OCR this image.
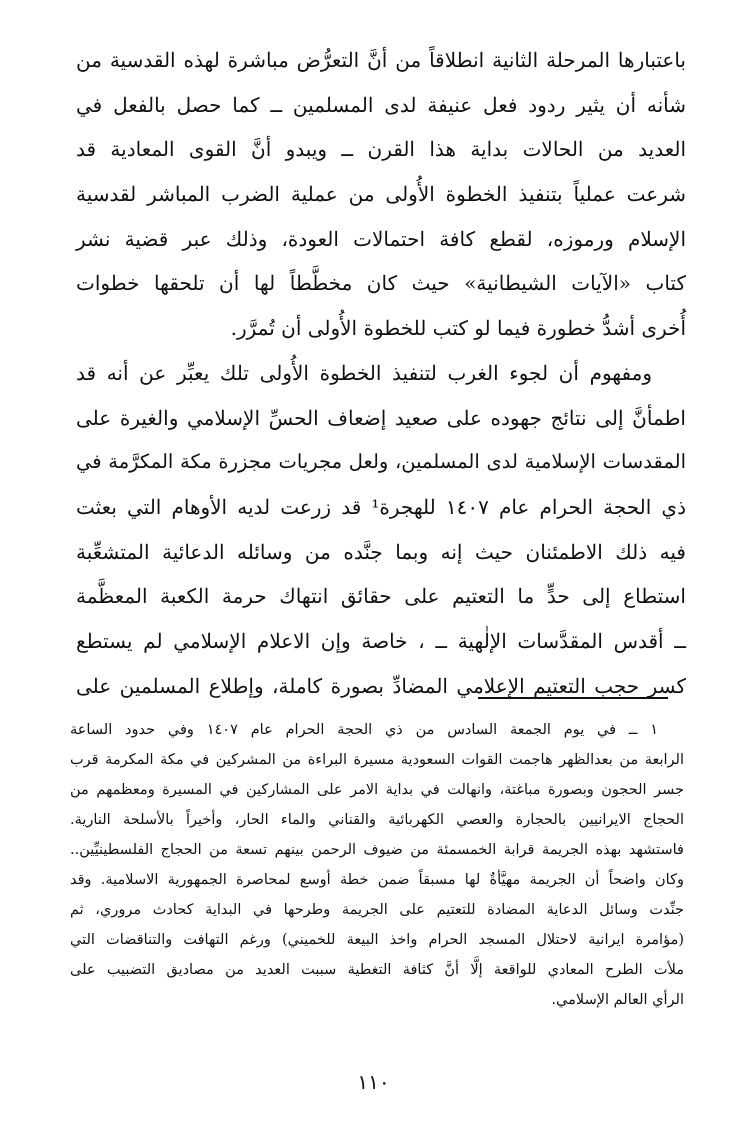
باعتبارها المرحلة الثانية انطلاقاً من أنَّ التعرُّض مباشرة لهذه القدسية من
شأنه أن يثير ردود فعل عنيفة لدى المسلمين ــ كما حصل بالفعل في
العديد من الحالات بداية هذا القرن ــ ويبدو أنَّ القوى المعادية قد
شرعت عملياً بتنفيذ الخطوة الأُولى من عملية الضرب المباشر لقدسية
الإسلام ورموزه، لقطع كافة احتمالات العودة، وذلك عبر قضية نشر
كتاب «الآيات الشيطانية» حيث كان مخطَّطاً لها أن تلحقها خطوات
أُخرى أشدُّ خطورة فيما لو كتب للخطوة الأُولى أن تُمرَّر.
ومفهوم أن لجوء الغرب لتنفيذ الخطوة الأُولى تلك يعبِّر عن أنه قد
اطمأنَّ إلى نتائج جهوده على صعيد إضعاف الحسِّ الإسلامي والغيرة على
المقدسات الإسلامية لدى المسلمين، ولعل مجريات مجزرة مكة المكرَّمة في
ذي الحجة الحرام عام ١٤٠٧ للهجرة¹ قد زرعت لديه الأوهام التي بعثت
فيه ذلك الاطمئنان حيث إنه وبما جنَّده من وسائله الدعائية المتشعِّبة
استطاع إلى حدٍّ ما التعتيم على حقائق انتهاك حرمة الكعبة المعظَّمة
ــ أقدس المقدَّسات الإلٰهية ــ ، خاصة وإن الاعلام الإسلامي لم يستطع
كسر حجب التعتيم الإعلامي المضادِّ بصورة كاملة، وإطلاع المسلمين على
١ ــ في يوم الجمعة السادس من ذي الحجة الحرام عام ١٤٠٧ وفي حدود الساعة
الرابعة من بعدالظهر هاجمت القوات السعودية مسيرة البراءة من المشركين في مكة المكرمة قرب
جسر الحجون وبصورة مباغتة، وانهالت في بداية الامر على المشاركين في المسيرة ومعظمهم من
الحجاج الايرانيين بالحجارة والعصي الكهربائية والقناني والماء الحار، وأخيراً بالأسلحة النارية.
فاستشهد بهذه الجريمة قرابة الخمسمئة من ضيوف الرحمن بينهم تسعة من الحجاج الفلسطينيِّين..
وكان واضحاً أن الجريمة مهيَّأةٌ لها مسبقاً ضمن خطة أوسع لمحاصرة الجمهورية الاسلامية. وقد
جنِّدت وسائل الدعاية المضادة للتعتيم على الجريمة وطرحها في البداية كحادث مروري، ثم
(مؤامرة ايرانية لاحتلال المسجد الحرام واخذ البيعة للخميني) ورغم التهافت والتناقضات التي
ملأت الطرح المعادي للواقعة إلَّا أنَّ كثافة التغطية سببت العديد من مصاديق التضبيب على
الرأي العالم الإسلامي.
١١٠
